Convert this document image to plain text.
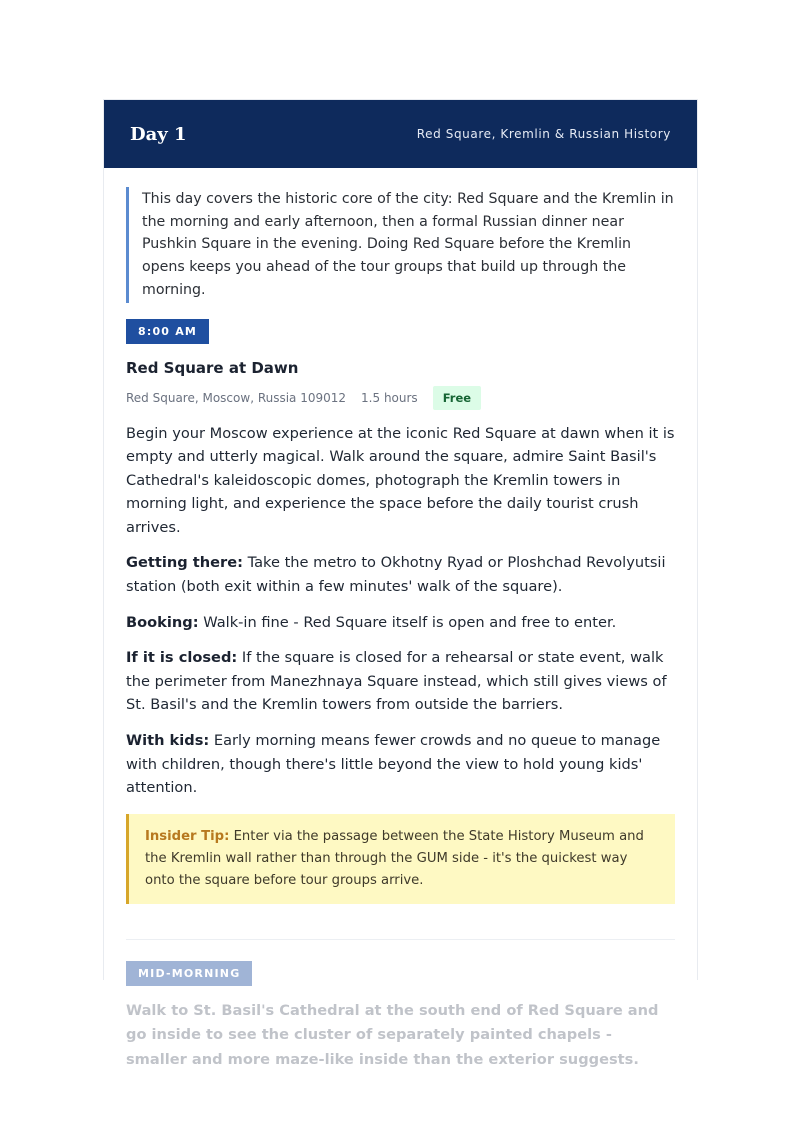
Day 1	Red Square, Kremlin & Russian History
This day covers the historic core of the city: Red Square and the Kremlin in the morning and early afternoon, then a formal Russian dinner near Pushkin Square in the evening. Doing Red Square before the Kremlin opens keeps you ahead of the tour groups that build up through the morning.
8:00 AM
Red Square at Dawn
Red Square, Moscow, Russia 109012 1.5 hours	Free
Begin your Moscow experience at the iconic Red Square at dawn when it is empty and utterly magical. Walk around the square, admire Saint Basil's Cathedral's kaleidoscopic domes, photograph the Kremlin towers in morning light, and experience the space before the daily tourist crush arrives.
Getting there: Take the metro to Okhotny Ryad or Ploshchad Revolyutsii station (both exit within a few minutes' walk of the square).
Booking: Walk-in fine - Red Square itself is open and free to enter.
If it is closed: If the square is closed for a rehearsal or state event, walk the perimeter from Manezhnaya Square instead, which still gives views of St. Basil's and the Kremlin towers from outside the barriers.
With kids: Early morning means fewer crowds and no queue to manage with children, though there's little beyond the view to hold young kids' attention.
Insider Tip: Enter via the passage between the State History Museum and the Kremlin wall rather than through the GUM side - it's the quickest way onto the square before tour groups arrive.
MID-MORNING
Walk to St. Basil's Cathedral at the south end of Red Square and go inside to see the cluster of separately painted chapels - smaller and more maze-like inside than the exterior suggests.
